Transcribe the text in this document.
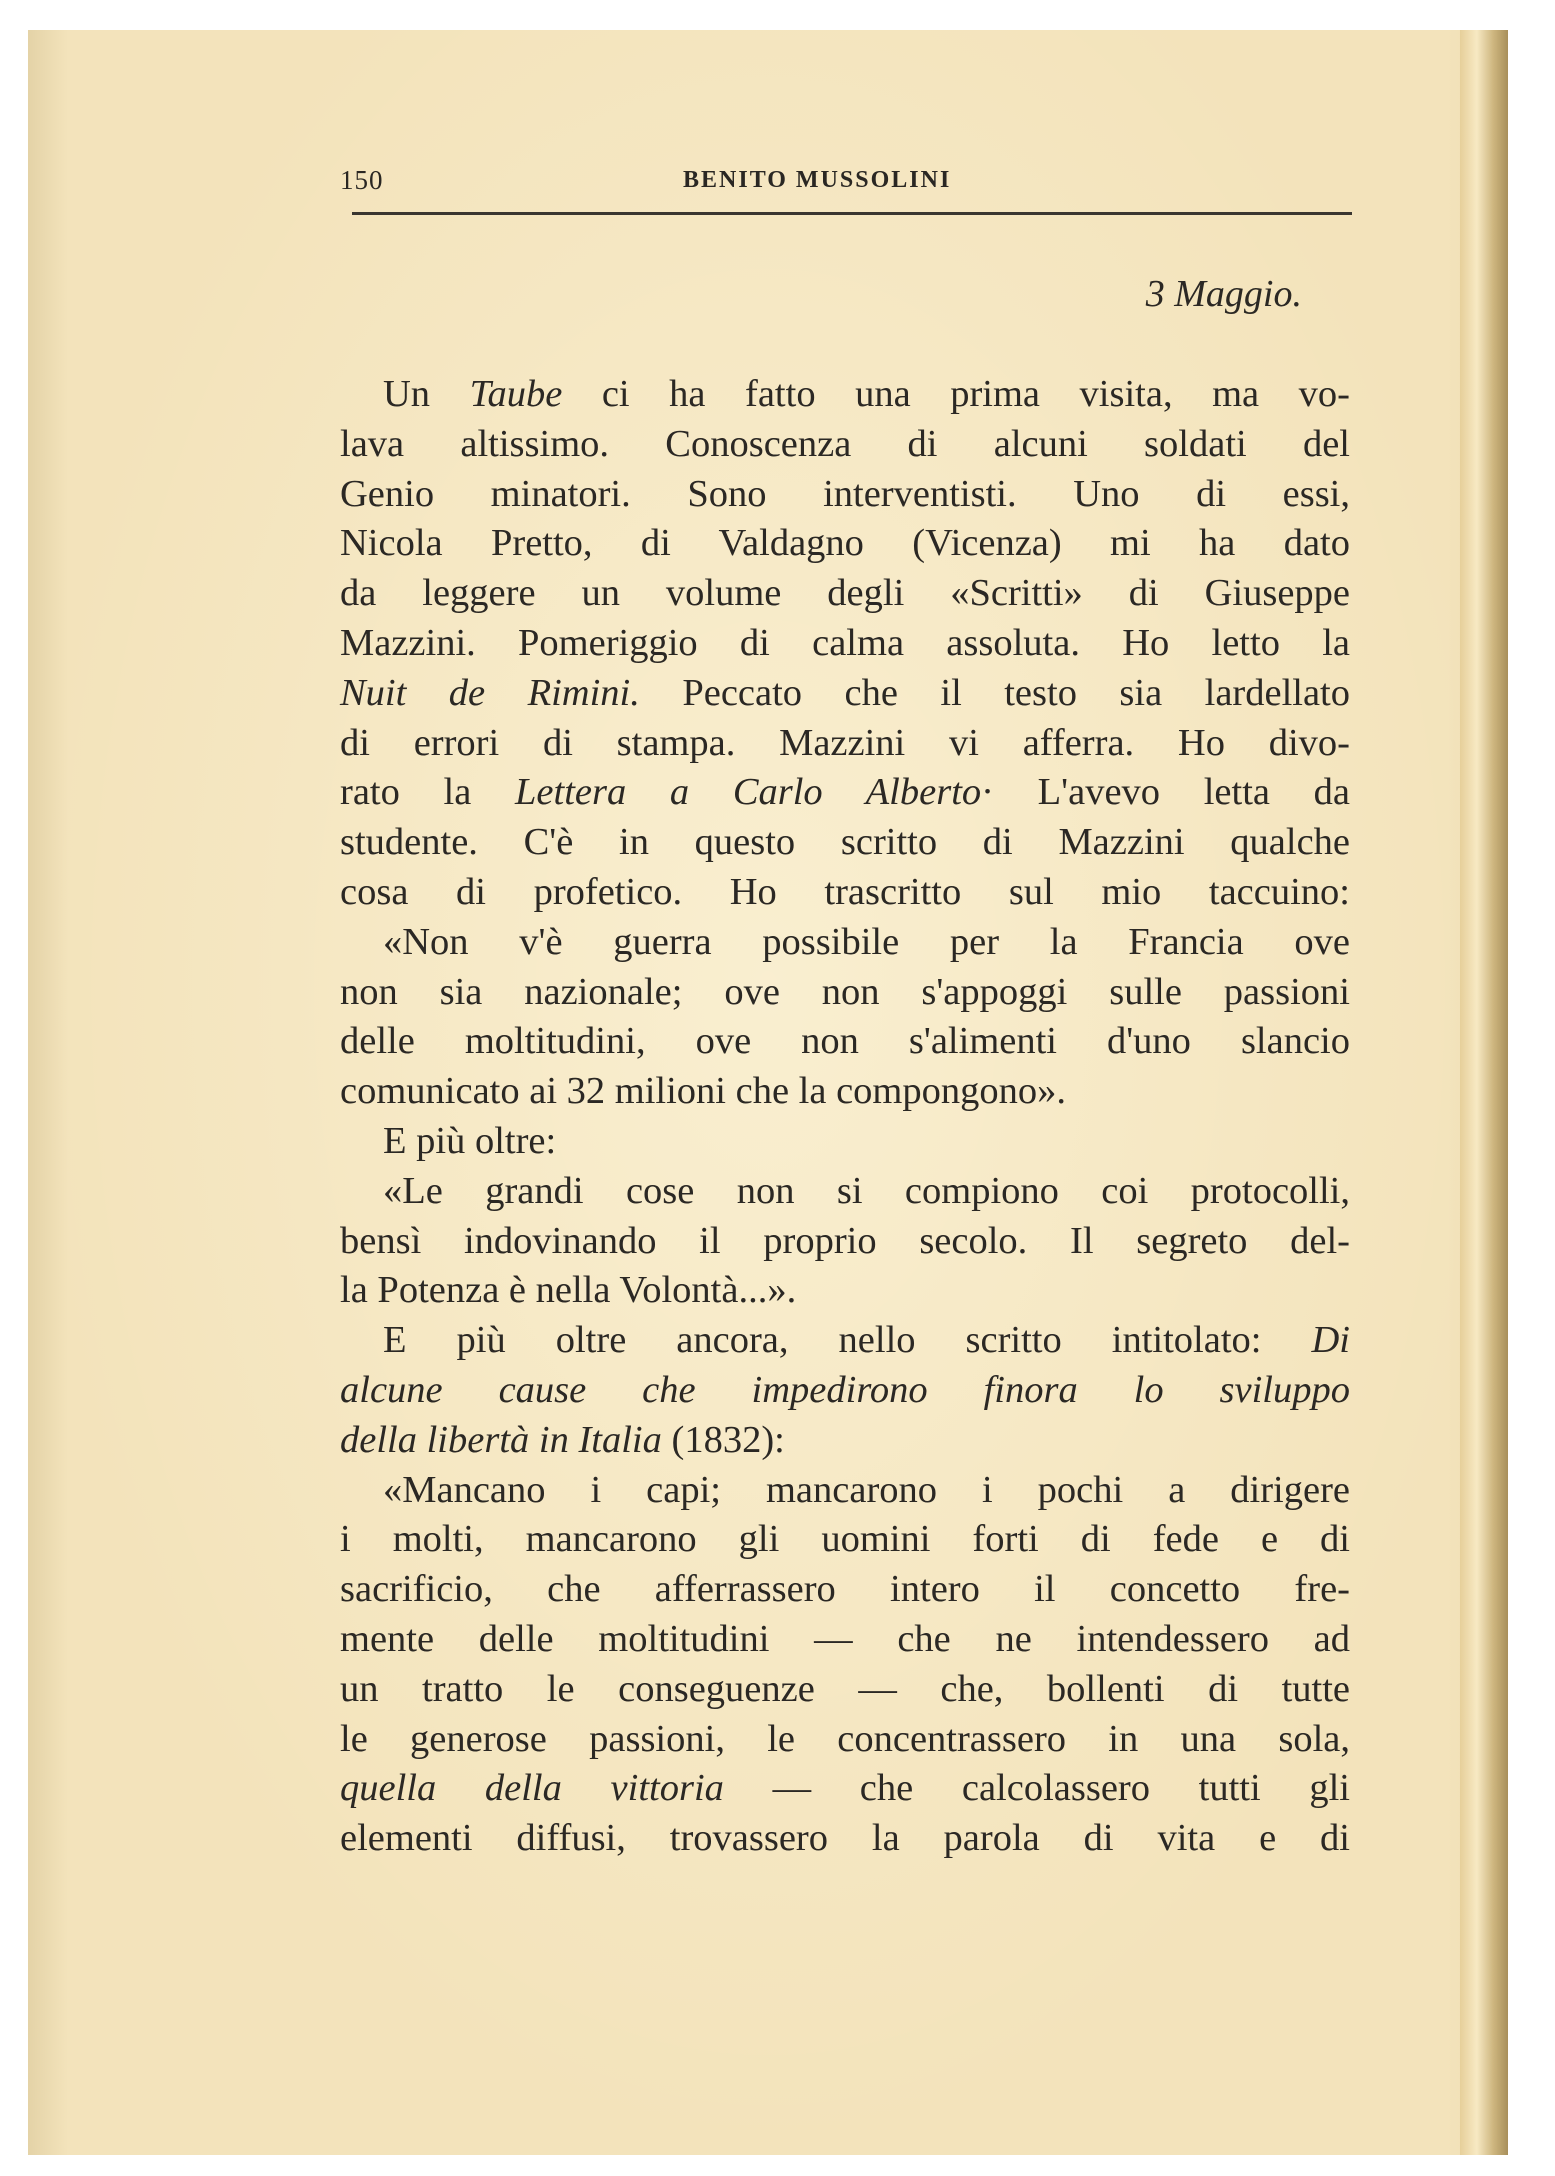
150	BENITO MUSSOLINI
3 Maggio.
Un Taube ci ha fatto una prima visita, ma vo-
lava altissimo. Conoscenza di alcuni soldati del
Genio minatori. Sono interventisti. Uno di essi,
Nicola Pretto, di Valdagno (Vicenza) mi ha dato
da leggere un volume degli «Scritti» di Giuseppe
Mazzini. Pomeriggio di calma assoluta. Ho letto la
Nuit de Rimini. Peccato che il testo sia lardellato
di errori di stampa. Mazzini vi afferra. Ho divo-
rato la Lettera a Carlo Alberto· L'avevo letta da
studente. C'è in questo scritto di Mazzini qualche
cosa di profetico. Ho trascritto sul mio taccuino:
«Non v'è guerra possibile per la Francia ove
non sia nazionale; ove non s'appoggi sulle passioni
delle moltitudini, ove non s'alimenti d'uno slancio
comunicato ai 32 milioni che la compongono».
E più oltre:
«Le grandi cose non si compiono coi protocolli,
bensì indovinando il proprio secolo. Il segreto del-
la Potenza è nella Volontà...».
E più oltre ancora, nello scritto intitolato: Di
alcune cause che impedirono finora lo sviluppo
della libertà in Italia (1832):
«Mancano i capi; mancarono i pochi a dirigere
i molti, mancarono gli uomini forti di fede e di
sacrificio, che afferrassero intero il concetto fre-
mente delle moltitudini — che ne intendessero ad
un tratto le conseguenze — che, bollenti di tutte
le generose passioni, le concentrassero in una sola,
quella della vittoria — che calcolassero tutti gli
elementi diffusi, trovassero la parola di vita e di
